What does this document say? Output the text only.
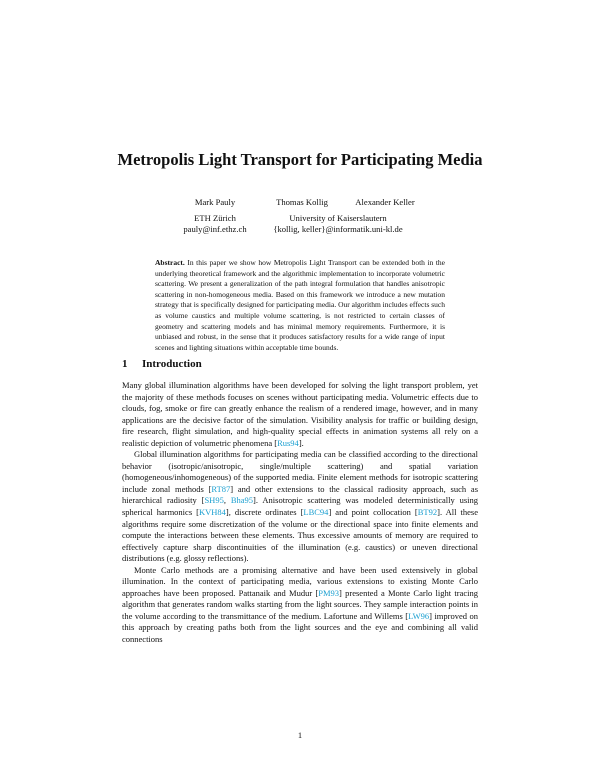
Metropolis Light Transport for Participating Media
Mark Pauly	Thomas Kollig	Alexander Keller
ETH Zürich
pauly@inf.ethz.ch
University of Kaiserslautern
{kollig, keller}@informatik.uni-kl.de

Abstract. In this paper we show how Metropolis Light Transport can be extended both in the underlying theoretical framework and the algorithmic implementation to incorporate volumetric scattering. We present a generalization of the path integral formulation that handles anisotropic scattering in non-homogeneous media. Based on this framework we introduce a new mutation strategy that is specifically designed for participating media. Our algorithm includes effects such as volume caustics and multiple volume scattering, is not restricted to certain classes of geometry and scattering models and has minimal memory requirements. Furthermore, it is unbiased and robust, in the sense that it produces satisfactory results for a wide range of input scenes and lighting situations within acceptable time bounds.

1 Introduction

Many global illumination algorithms have been developed for solving the light transport problem, yet the majority of these methods focuses on scenes without participating media. Volumetric effects due to clouds, fog, smoke or fire can greatly enhance the realism of a rendered image, however, and in many applications are the decisive factor of the simulation. Visibility analysis for traffic or building design, fire research, flight simulation, and high-quality special effects in animation systems all rely on a realistic depiction of volumetric phenomena [Rus94].

Global illumination algorithms for participating media can be classified according to the directional behavior (isotropic/anisotropic, single/multiple scattering) and spatial variation (homogeneous/inhomogeneous) of the supported media. Finite element methods for isotropic scattering include zonal methods [RT87] and other extensions to the classical radiosity approach, such as hierarchical radiosity [SH95, Bha95]. Anisotropic scattering was modeled deterministically using spherical harmonics [KVH84], discrete ordinates [LBC94] and point collocation [BT92]. All these algorithms require some discretization of the volume or the directional space into finite elements and compute the interactions between these elements. Thus excessive amounts of memory are required to effectively capture sharp discontinuities of the illumination (e.g. caustics) or uneven directional distributions (e.g. glossy reflections).

Monte Carlo methods are a promising alternative and have been used extensively in global illumination. In the context of participating media, various extensions to existing Monte Carlo approaches have been proposed. Pattanaik and Mudur [PM93] presented a Monte Carlo light tracing algorithm that generates random walks starting from the light sources. They sample interaction points in the volume according to the transmittance of the medium. Lafortune and Willems [LW96] improved on this approach by creating paths both from the light sources and the eye and combining all valid connections

1
